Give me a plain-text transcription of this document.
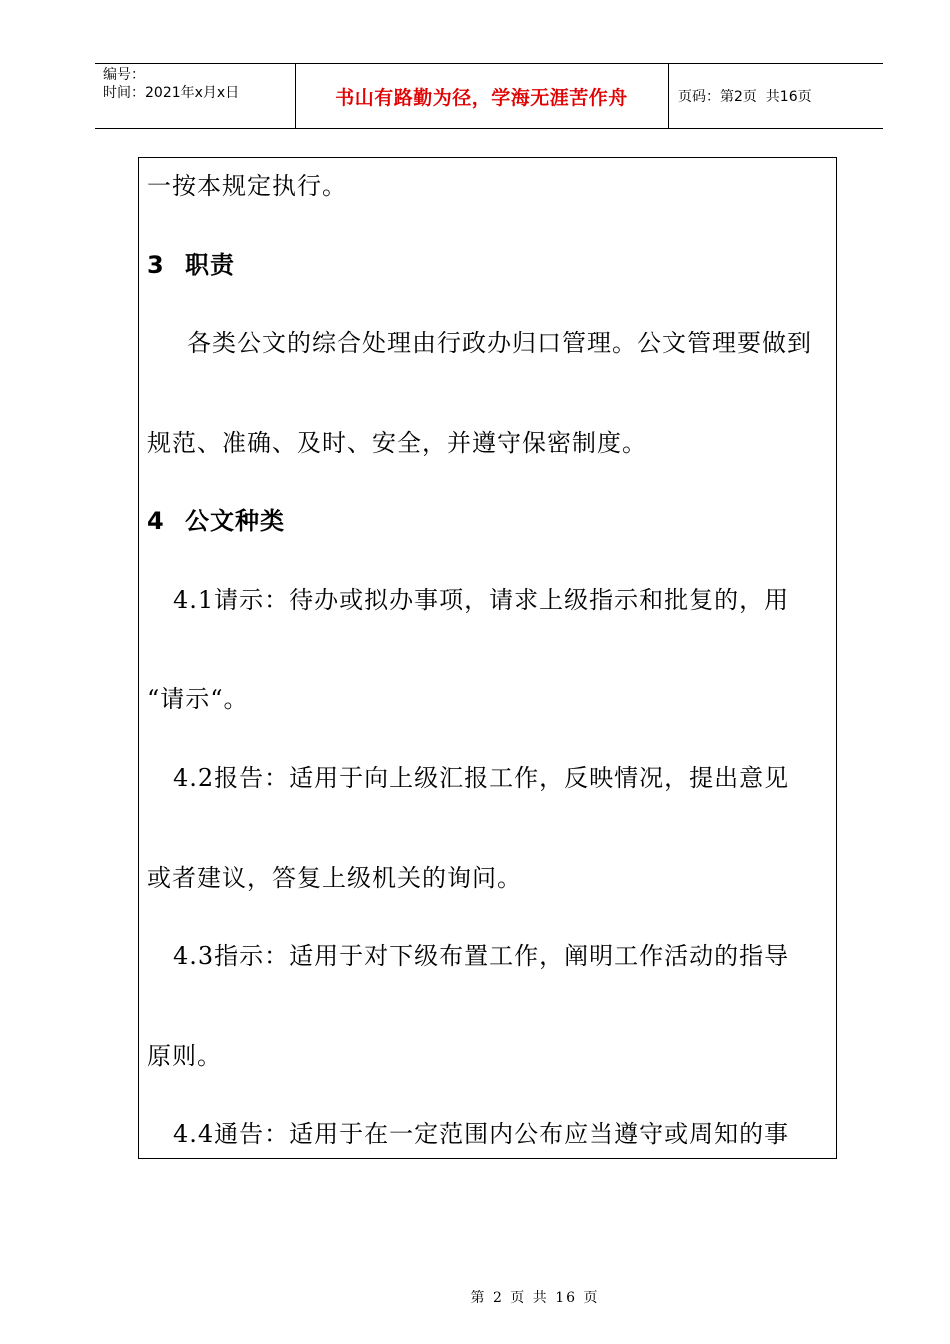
编号：
时间：2021年x月x日	书山有路勤为径，学海无涯苦作舟	页码：第2页  共16页
一按本规定执行。
3 职责
各类公文的综合处理由行政办归口管理。公文管理要做到
规范、准确、及时、安全，并遵守保密制度。
4 公文种类
4.1请示：待办或拟办事项，请求上级指示和批复的，用
“请示“。
4.2报告：适用于向上级汇报工作，反映情况，提出意见
或者建议，答复上级机关的询问。
4.3指示：适用于对下级布置工作，阐明工作活动的指导
原则。
4.4通告：适用于在一定范围内公布应当遵守或周知的事
第 2 页 共 16 页
